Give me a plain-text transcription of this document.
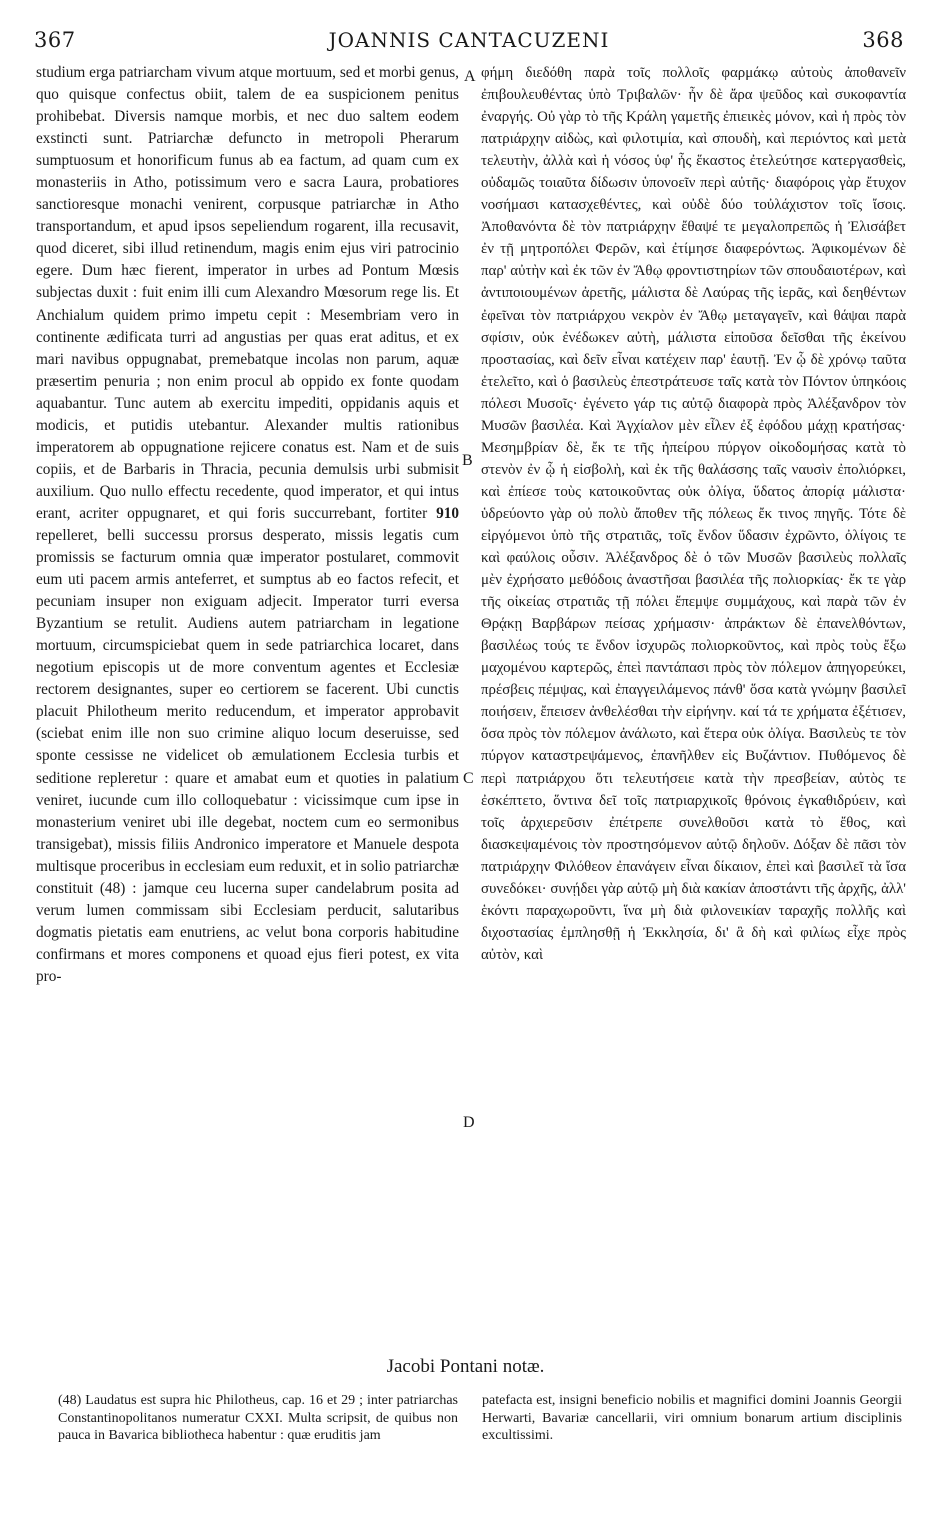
367	JOANNIS CANTACUZENI	368

studium erga patriarcham vivum atque mortuum, sed et morbi genus, quo quisque confectus obiit, talem de ea suspicionem penitus prohibebat. Diversis namque morbis, et nec duo saltem eodem exstincti sunt. Patriarchæ defuncto in metropoli Pherarum sumptuosum et honorificum funus ab ea factum, ad quam cum ex monasteriis in Atho, potissimum vero e sacra Laura, probatiores sanctioresque monachi venirent, corpusque patriarchæ in Atho transportandum, et apud ipsos sepeliendum rogarent, illa recusavit, quod diceret, sibi illud retinendum, magis enim ejus viri patrocinio egere. Dum hæc fierent, imperator in urbes ad Pontum Mœsis subjectas duxit : fuit enim illi cum Alexandro Mœsorum rege lis. Et Anchialum quidem primo impetu cepit : Mesembriam vero in continente ædificata turri ad angustias per quas erat aditus, et ex mari navibus oppugnabat, premebatque incolas non parum, aquæ præsertim penuria ; non enim procul ab oppido ex fonte quodam aquabantur. Tunc autem ab exercitu impediti, oppidanis aquis et modicis, et putidis utebantur. Alexander multis rationibus imperatorem ab oppugnatione rejicere conatus est. Nam et de suis copiis, et de Barbaris in Thracia, pecunia demulsis urbi submisit auxilium. Quo nullo effectu recedente, quod imperator, et qui intus erant, acriter oppugnaret, et qui foris succurrebant, fortiter 910 repelleret, belli successu prorsus desperato, missis legatis cum promissis se facturum omnia quæ imperator postularet, commovit eum uti pacem armis anteferret, et sumptus ab eo factos refecit, et pecuniam insuper non exiguam adjecit. Imperator turri eversa Byzantium se retulit. Audiens autem patriarcham in legatione mortuum, circumspiciebat quem in sede patriarchica locaret, dans negotium episcopis ut de more conventum agentes et Ecclesiæ rectorem designantes, super eo certiorem se facerent. Ubi cunctis placuit Philotheum merito reducendum, et imperator approbavit (sciebat enim ille non suo crimine aliquo locum deseruisse, sed sponte cessisse ne videlicet ob æmulationem Ecclesia turbis et seditione repleretur : quare et amabat eum et quoties in palatium veniret, iucunde cum illo colloquebatur : vicissimque cum ipse in monasterium veniret ubi ille degebat, noctem cum eo sermonibus transigebat), missis filiis Andronico imperatore et Manuele despota multisque proceribus in ecclesiam eum reduxit, et in solio patriarchæ constituit (48) : jamque ceu lucerna super candelabrum posita ad verum lumen commissam sibi Ecclesiam perducit, salutaribus dogmatis pietatis eam enutriens, ac velut bona corporis habitudine confirmans et mores componens et quoad ejus fieri potest, ex vita pro-

A
B
C
D

φήμη διεδόθη παρὰ τοῖς πολλοῖς φαρμάκῳ αὐτοὺς ἀποθανεῖν ἐπιβουλευθέντας ὑπὸ Τριβαλῶν· ἦν δὲ ἄρα ψεῦδος καὶ συκοφαντία ἐναργής. Οὐ γὰρ τὸ τῆς Κράλη γαμετῆς ἐπιεικὲς μόνον, καὶ ἡ πρὸς τὸν πατριάρχην αἰδὼς, καὶ φιλοτιμία, καὶ σπουδὴ, καὶ περιόντος καὶ μετὰ τελευτὴν, ἀλλὰ καὶ ἡ νόσος ὑφ' ἧς ἕκαστος ἐτελεύτησε κατεργασθεὶς, οὐδαμῶς τοιαῦτα δίδωσιν ὑπονοεῖν περὶ αὐτῆς· διαφόροις γὰρ ἔτυχον νοσήμασι κατασχεθέντες, καὶ οὐδὲ δύο τοὐλάχιστον τοῖς ἴσοις. Ἀποθανόντα δὲ τὸν πατριάρχην ἔθαψέ τε μεγαλοπρεπῶς ἡ Ἐλισάβετ ἐν τῇ μητροπόλει Φερῶν, καὶ ἐτίμησε διαφερόντως. Ἀφικομένων δὲ παρ' αὐτὴν καὶ ἐκ τῶν ἐν Ἄθῳ φροντιστηρίων τῶν σπουδαιοτέρων, καὶ ἀντιποιουμένων ἀρετῆς, μάλιστα δὲ Λαύρας τῆς ἱερᾶς, καὶ δεηθέντων ἐφεῖναι τὸν πατριάρχου νεκρὸν ἐν Ἄθῳ μεταγαγεῖν, καὶ θάψαι παρὰ σφίσιν, οὐκ ἐνέδωκεν αὐτὴ, μάλιστα εἰποῦσα δεῖσθαι τῆς ἐκείνου προστασίας, καὶ δεῖν εἶναι κατέχειν παρ' ἑαυτῇ. Ἐν ᾧ δὲ χρόνῳ ταῦτα ἐτελεῖτο, καὶ ὁ βασιλεὺς ἐπεστράτευσε ταῖς κατὰ τὸν Πόντον ὑπηκόοις πόλεσι Μυσοῖς· ἐγένετο γάρ τις αὐτῷ διαφορὰ πρὸς Ἀλέξανδρον τὸν Μυσῶν βασιλέα. Καὶ Ἀγχίαλον μὲν εἷλεν ἐξ ἐφόδου μάχῃ κρατήσας· Μεσημβρίαν δὲ, ἔκ τε τῆς ἠπείρου πύργον οἰκοδομήσας κατὰ τὸ στενὸν ἐν ᾧ ἡ εἰσβολὴ, καὶ ἐκ τῆς θαλάσσης ταῖς ναυσὶν ἐπολιόρκει, καὶ ἐπίεσε τοὺς κατοικοῦντας οὐκ ὀλίγα, ὕδατος ἀπορίᾳ μάλιστα· ὑδρεύοντο γὰρ οὐ πολὺ ἄποθεν τῆς πόλεως ἔκ τινος πηγῆς. Τότε δὲ εἰργόμενοι ὑπὸ τῆς στρατιᾶς, τοῖς ἔνδον ὕδασιν ἐχρῶντο, ὀλίγοις τε καὶ φαύλοις οὖσιν. Ἀλέξανδρος δὲ ὁ τῶν Μυσῶν βασιλεὺς πολλαῖς μὲν ἐχρήσατο μεθόδοις ἀναστῆσαι βασιλέα τῆς πολιορκίας· ἔκ τε γὰρ τῆς οἰκείας στρατιᾶς τῇ πόλει ἔπεμψε συμμάχους, καὶ παρὰ τῶν ἐν Θρᾴκῃ Βαρβάρων πείσας χρήμασιν· ἀπράκτων δὲ ἐπανελθόντων, βασιλέως τούς τε ἔνδον ἰσχυρῶς πολιορκοῦντος, καὶ πρὸς τοὺς ἔξω μαχομένου καρτερῶς, ἐπεὶ παντάπασι πρὸς τὸν πόλεμον ἀπηγορεύκει, πρέσβεις πέμψας, καὶ ἐπαγγειλάμενος πάνθ' ὅσα κατὰ γνώμην βασιλεῖ ποιήσειν, ἔπεισεν ἀνθελέσθαι τὴν εἰρήνην. καί τά τε χρήματα ἐξέτισεν, ὅσα πρὸς τὸν πόλεμον ἀνάλωτο, καὶ ἕτερα οὐκ ὀλίγα. Βασιλεὺς τε τὸν πύργον καταστρεψάμενος, ἐπανῆλθεν εἰς Βυζάντιον. Πυθόμενος δὲ περὶ πατριάρχου ὅτι τελευτήσειε κατὰ τὴν πρεσβείαν, αὐτὸς τε ἐσκέπτετο, ὅντινα δεῖ τοῖς πατριαρχικοῖς θρόνοις ἐγκαθιδρύειν, καὶ τοῖς ἀρχιερεῦσιν ἐπέτρεπε συνελθοῦσι κατὰ τὸ ἔθος, καὶ διασκεψαμένοις τὸν προστησόμενον αὐτῷ δηλοῦν. Δόξαν δὲ πᾶσι τὸν πατριάρχην Φιλόθεον ἐπανάγειν εἶναι δίκαιον, ἐπεὶ καὶ βασιλεῖ τὰ ἴσα συνεδόκει· συνῄδει γὰρ αὐτῷ μὴ διὰ κακίαν ἀποστάντι τῆς ἀρχῆς, ἀλλ' ἑκόντι παραχωροῦντι, ἵνα μὴ διὰ φιλονεικίαν ταραχῆς πολλῆς καὶ διχοστασίας ἐμπλησθῇ ἡ Ἐκκλησία, δι' ἃ δὴ καὶ φιλίως εἶχε πρὸς αὐτὸν, καὶ

Jacobi Pontani notæ.
(48) Laudatus est supra hic Philotheus, cap. 16 et 29 ; inter patriarchas Constantinopolitanos numeratur CXXI. Multa scripsit, de quibus non pauca in Bavarica bibliotheca habentur : quæ eruditis jam
patefacta est, insigni beneficio nobilis et magnifici domini Joannis Georgii Herwarti, Bavariæ cancellarii, viri omnium bonarum artium disciplinis excultissimi.
